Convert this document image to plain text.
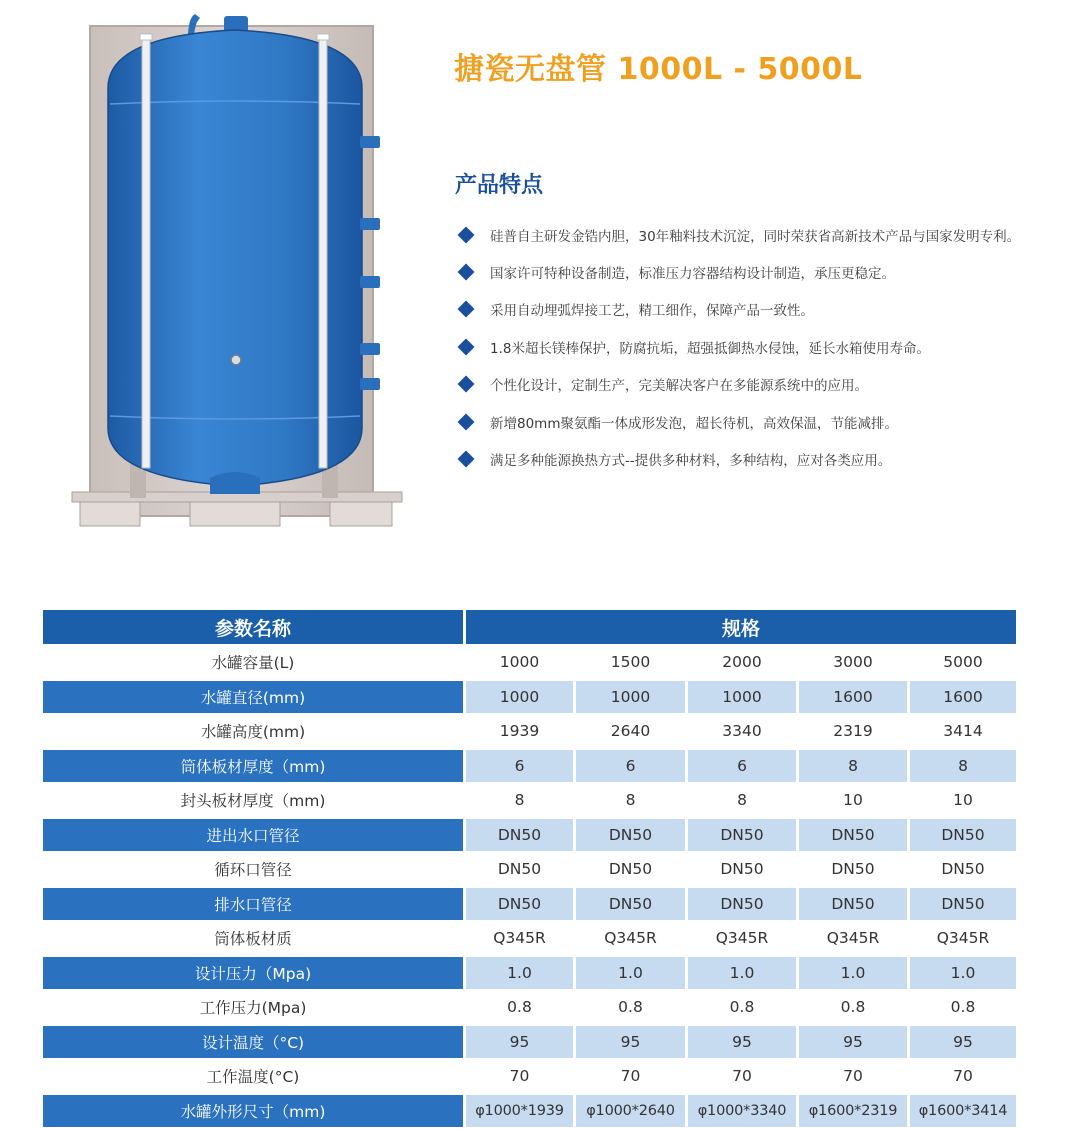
搪瓷无盘管 1000L - 5000L
产品特点
硅普自主研发金锆内胆，30年釉料技术沉淀，同时荣获省高新技术产品与国家发明专利。
国家许可特种设备制造，标准压力容器结构设计制造，承压更稳定。
采用自动埋弧焊接工艺，精工细作，保障产品一致性。
1.8米超长镁棒保护，防腐抗垢，超强抵御热水侵蚀，延长水箱使用寿命。
个性化设计，定制生产，完美解决客户在多能源系统中的应用。
新增80mm聚氨酯一体成形发泡，超长待机，高效保温，节能减排。
满足多种能源换热方式--提供多种材料，多种结构，应对各类应用。
参数名称	规格				
水罐容量(L)	1000	1500	2000	3000	5000
水罐直径(mm)	1000	1000	1000	1600	1600
水罐高度(mm)	1939	2640	3340	2319	3414
筒体板材厚度（mm)	6	6	6	8	8
封头板材厚度（mm)	8	8	8	10	10
进出水口管径	DN50	DN50	DN50	DN50	DN50
循环口管径	DN50	DN50	DN50	DN50	DN50
排水口管径	DN50	DN50	DN50	DN50	DN50
筒体板材质	Q345R	Q345R	Q345R	Q345R	Q345R
设计压力（Mpa)	1.0	1.0	1.0	1.0	1.0
工作压力(Mpa)	0.8	0.8	0.8	0.8	0.8
设计温度（°C)	95	95	95	95	95
工作温度(°C)	70	70	70	70	70
水罐外形尺寸（mm)	φ1000*1939	φ1000*2640	φ1000*3340	φ1600*2319	φ1600*3414
